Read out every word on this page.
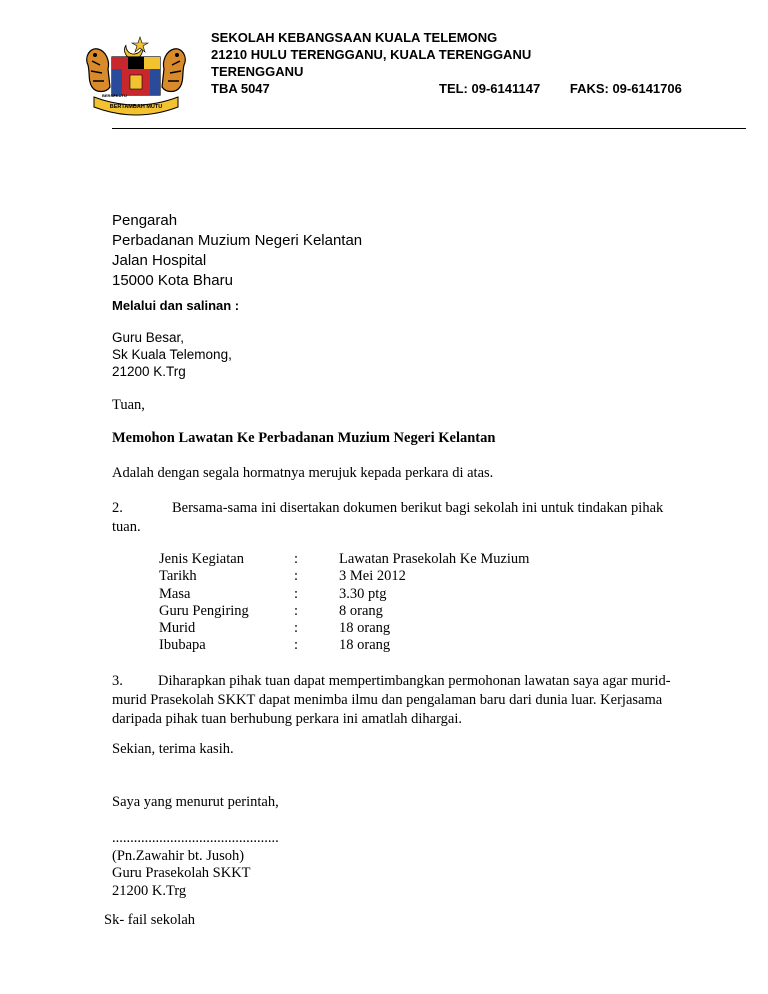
BERTAMBAH MUTU
BERSEKUTU
SEKOLAH KEBANGSAAN KUALA TELEMONG
21210 HULU TERENGGANU, KUALA TERENGGANU
TERENGGANU
TBA 5047	TEL: 09-6141147 FAKS: 09-6141706
Pengarah
Perbadanan Muzium Negeri Kelantan
Jalan Hospital
15000 Kota Bharu
Melalui dan salinan :
Guru Besar,
Sk Kuala Telemong,
21200 K.Trg
Tuan,
Memohon Lawatan Ke Perbadanan Muzium Negeri Kelantan
Adalah dengan segala hormatnya merujuk kepada perkara di atas.
2.	Bersama-sama ini disertakan dokumen berikut bagi sekolah ini untuk tindakan pihak tuan.
Jenis Kegiatan	:	Lawatan Prasekolah Ke Muzium
Tarikh	:	3 Mei 2012
Masa	:	3.30 ptg
Guru Pengiring	:	8 orang
Murid	:	18 orang
Ibubapa	:	18 orang
3. Diharapkan pihak tuan dapat mempertimbangkan permohonan lawatan saya agar murid-murid Prasekolah SKKT dapat menimba ilmu dan pengalaman baru dari dunia luar. Kerjasama daripada pihak tuan berhubung perkara ini amatlah dihargai.
Sekian, terima kasih.
Saya yang menurut perintah,
..............................................
(Pn.Zawahir bt. Jusoh)
Guru Prasekolah SKKT
21200 K.Trg
Sk- fail sekolah
